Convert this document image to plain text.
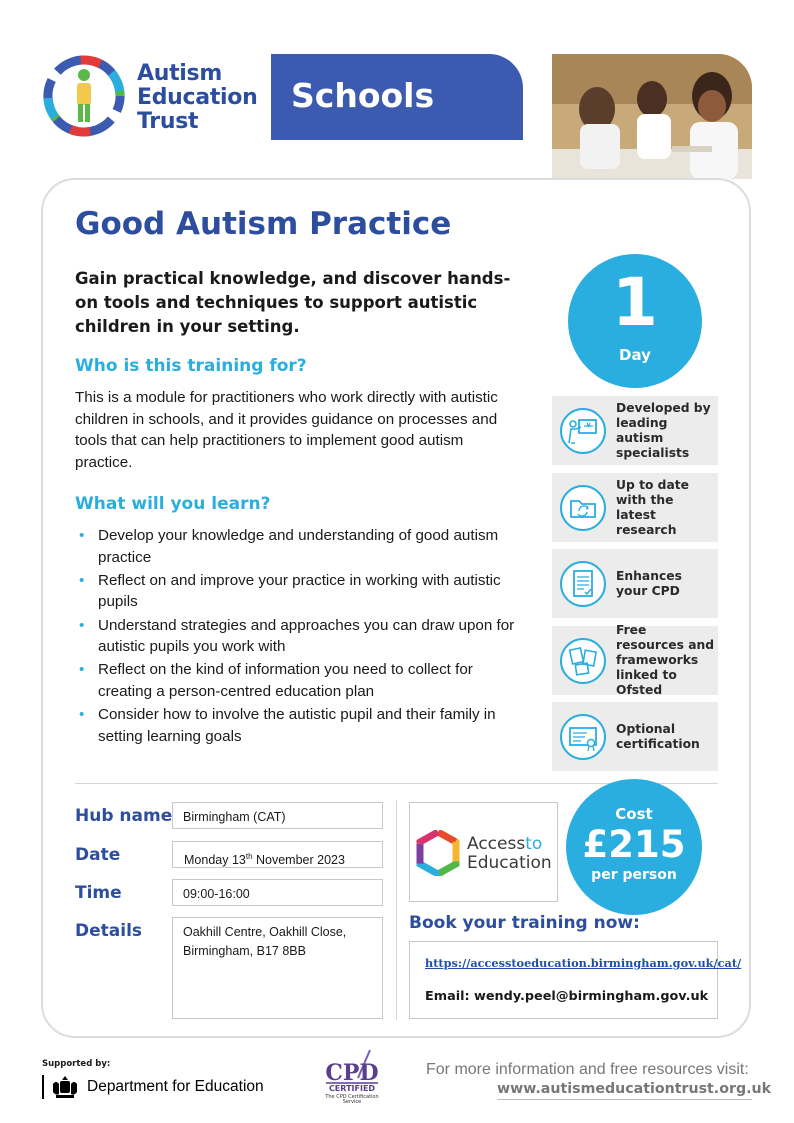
Autism
Education
Trust
Schools
Good Autism Practice
Gain practical knowledge, and discover hands-on tools and techniques to support autistic children in your setting.
Who is this training for?
This is a module for practitioners who work directly with autistic children in schools, and it provides guidance on processes and tools that can help practitioners to implement good autism practice.
What will you learn?
• Develop your knowledge and understanding of good autism practice
• Reflect on and improve your practice in working with autistic pupils
• Understand strategies and approaches you can draw upon for autistic pupils you work with
• Reflect on the kind of information you need to collect for creating a person-centred education plan
• Consider how to involve the autistic pupil and their family in setting learning goals
1
Day
Developed by leading autism specialists
Up to date with the latest research
Enhances your CPD
Free resources and frameworks linked to Ofsted
Optional certification
Hub name Birmingham (CAT)
Date	Monday 13th November 2023
Time	09:00-16:00
Details	Oakhill Centre, Oakhill Close, Birmingham, B17 8BB
Accessto
Education
Cost
£215
per person
Book your training now:
https://accesstoeducation.birmingham.gov.uk/cat/
Email: wendy.peel@birmingham.gov.uk
Supported by:
Department for Education
CPD
CERTIFIED
The CPD Certification
Service
For more information and free resources visit:
www.autismeducationtrust.org.uk
